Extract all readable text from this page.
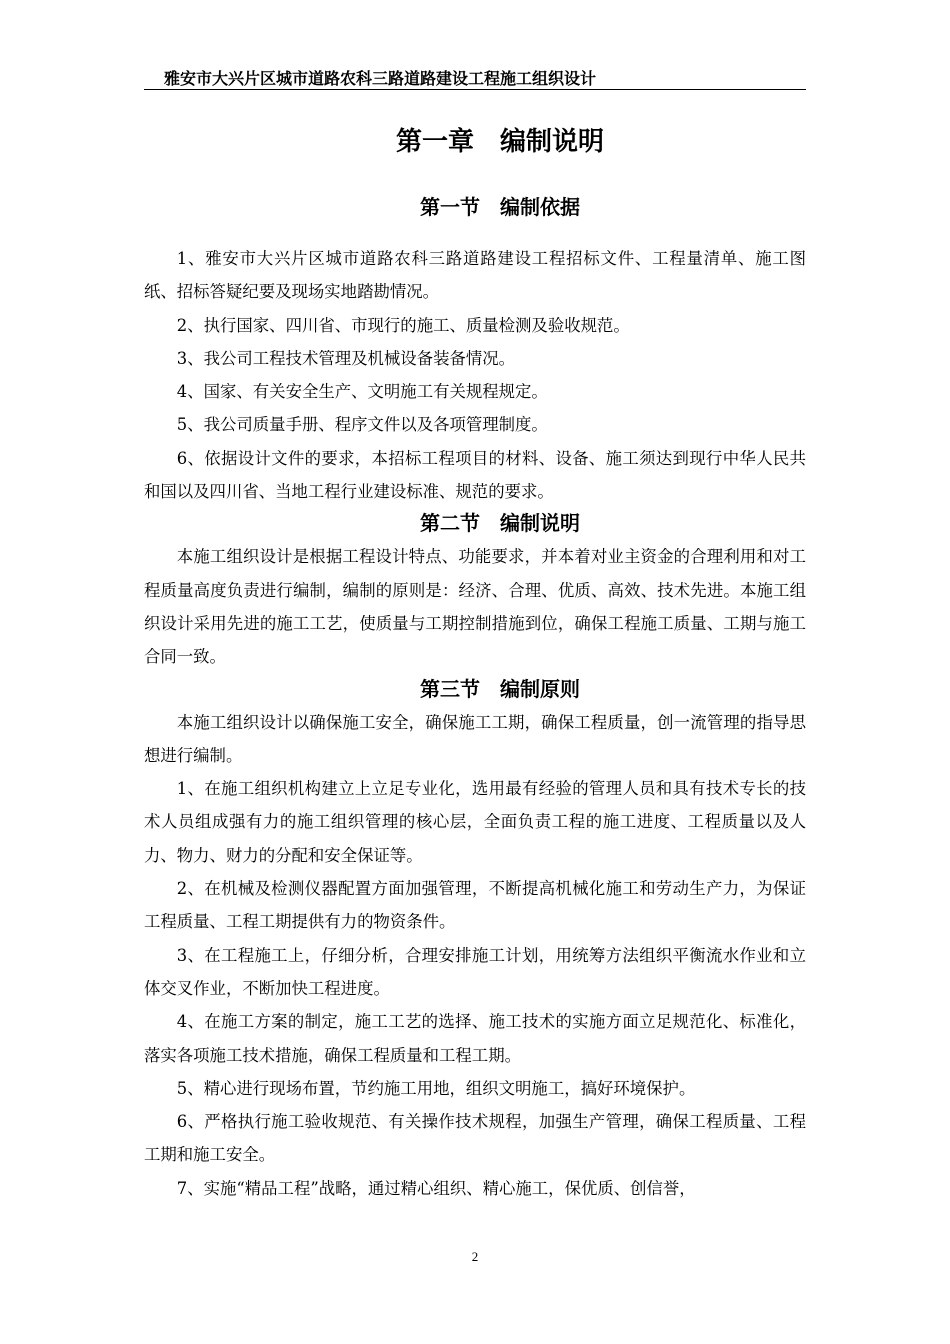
雅安市大兴片区城市道路农科三路道路建设工程施工组织设计
第一章　编制说明
第一节　编制依据

1、雅安市大兴片区城市道路农科三路道路建设工程招标文件、工程量清单、施工图纸、招标答疑纪要及现场实地踏勘情况。

2、执行国家、四川省、市现行的施工、质量检测及验收规范。

3、我公司工程技术管理及机械设备装备情况。

4、国家、有关安全生产、文明施工有关规程规定。

5、我公司质量手册、程序文件以及各项管理制度。

6、依据设计文件的要求，本招标工程项目的材料、设备、施工须达到现行中华人民共和国以及四川省、当地工程行业建设标准、规范的要求。

第二节　编制说明

本施工组织设计是根据工程设计特点、功能要求，并本着对业主资金的合理利用和对工程质量高度负责进行编制，编制的原则是：经济、合理、优质、高效、技术先进。本施工组织设计采用先进的施工工艺，使质量与工期控制措施到位，确保工程施工质量、工期与施工合同一致。

第三节　编制原则

本施工组织设计以确保施工安全，确保施工工期，确保工程质量，创一流管理的指导思想进行编制。

1、在施工组织机构建立上立足专业化，选用最有经验的管理人员和具有技术专长的技术人员组成强有力的施工组织管理的核心层，全面负责工程的施工进度、工程质量以及人力、物力、财力的分配和安全保证等。

2、在机械及检测仪器配置方面加强管理，不断提高机械化施工和劳动生产力，为保证工程质量、工程工期提供有力的物资条件。

3、在工程施工上，仔细分析，合理安排施工计划，用统筹方法组织平衡流水作业和立体交叉作业，不断加快工程进度。

4、在施工方案的制定，施工工艺的选择、施工技术的实施方面立足规范化、标准化，落实各项施工技术措施，确保工程质量和工程工期。

5、精心进行现场布置，节约施工用地，组织文明施工，搞好环境保护。

6、严格执行施工验收规范、有关操作技术规程，加强生产管理，确保工程质量、工程工期和施工安全。

7、实施“精品工程”战略，通过精心组织、精心施工，保优质、创信誉，

2
